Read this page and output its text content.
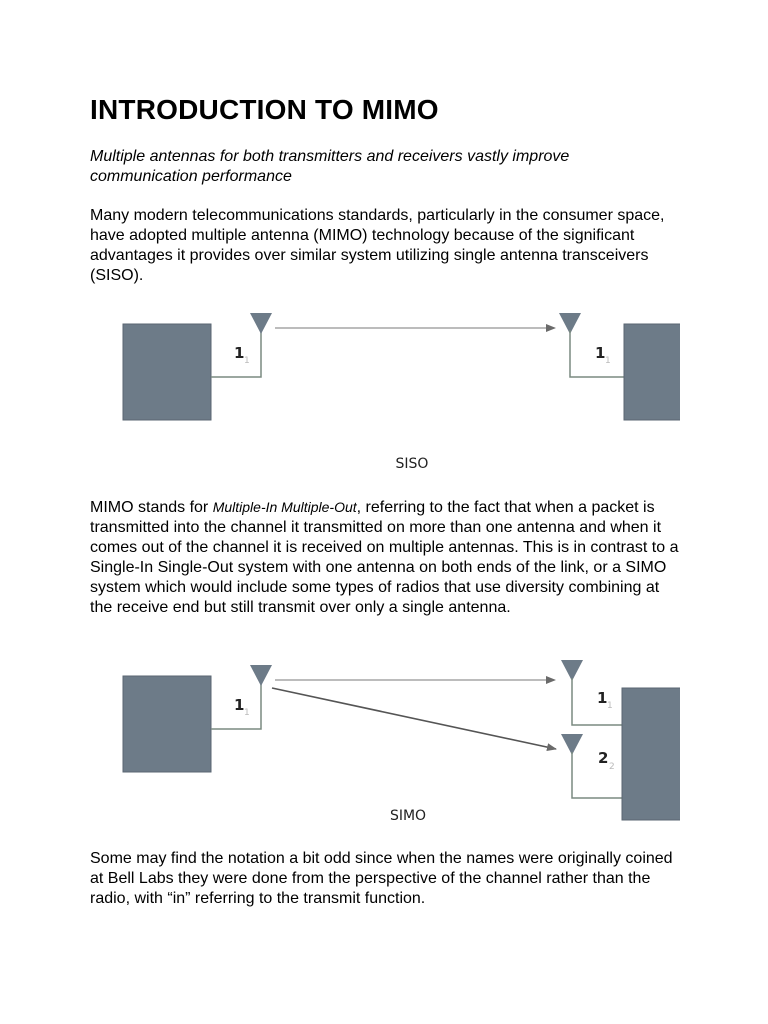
INTRODUCTION TO MIMO

Multiple antennas for both transmitters and receivers vastly improve communication performance

Many modern telecommunications standards, particularly in the consumer space, have adopted multiple antenna (MIMO) technology because of the significant advantages it provides over similar system utilizing single antenna transceivers (SISO).

1 1	1 1
SISO

MIMO stands for Multiple-In Multiple-Out, referring to the fact that when a packet is transmitted into the channel it transmitted on more than one antenna and when it comes out of the channel it is received on multiple antennas. This is in contrast to a Single-In Single-Out system with one antenna on both ends of the link, or a SIMO system which would include some types of radios that use diversity combining at the receive end but still transmit over only a single antenna.

1 1
1 1
2 2
SIMO

Some may find the notation a bit odd since when the names were originally coined at Bell Labs they were done from the perspective of the channel rather than the radio, with “in” referring to the transmit function.
